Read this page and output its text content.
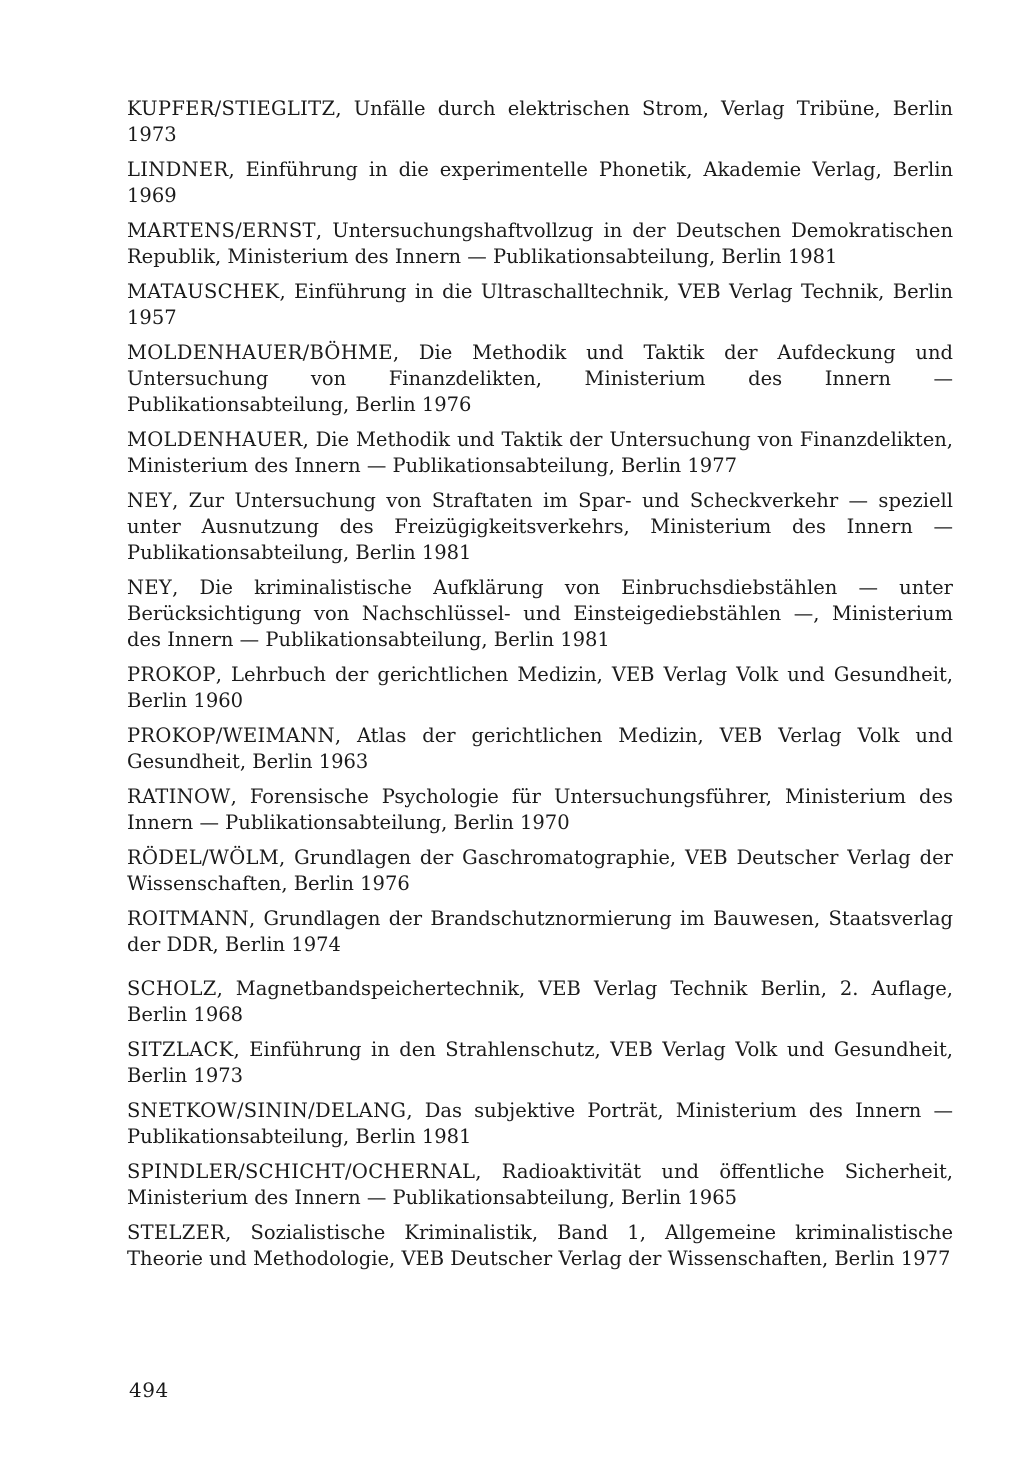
KUPFER/STIEGLITZ, Unfälle durch elektrischen Strom, Verlag Tribüne, Berlin 1973

LINDNER, Einführung in die experimentelle Phonetik, Akademie Verlag, Berlin 1969

MARTENS/ERNST, Untersuchungshaftvollzug in der Deutschen Demokratischen Republik, Ministerium des Innern — Publikationsabteilung, Berlin 1981

MATAUSCHEK, Einführung in die Ultraschalltechnik, VEB Verlag Technik, Berlin 1957

MOLDENHAUER/BÖHME, Die Methodik und Taktik der Aufdeckung und Untersuchung von Finanzdelikten, Ministerium des Innern — Publikationsabteilung, Berlin 1976

MOLDENHAUER, Die Methodik und Taktik der Untersuchung von Finanzdelikten, Ministerium des Innern — Publikationsabteilung, Berlin 1977

NEY, Zur Untersuchung von Straftaten im Spar- und Scheckverkehr — speziell unter Ausnutzung des Freizügigkeitsverkehrs, Ministerium des Innern — Publikationsabteilung, Berlin 1981

NEY, Die kriminalistische Aufklärung von Einbruchsdiebstählen — unter Berücksichtigung von Nachschlüssel- und Einsteigediebstählen —, Ministerium des Innern — Publikationsabteilung, Berlin 1981

PROKOP, Lehrbuch der gerichtlichen Medizin, VEB Verlag Volk und Gesundheit, Berlin 1960

PROKOP/WEIMANN, Atlas der gerichtlichen Medizin, VEB Verlag Volk und Gesundheit, Berlin 1963

RATINOW, Forensische Psychologie für Untersuchungsführer, Ministerium des Innern — Publikationsabteilung, Berlin 1970

RÖDEL/WÖLM, Grundlagen der Gaschromatographie, VEB Deutscher Verlag der Wissenschaften, Berlin 1976

ROITMANN, Grundlagen der Brandschutznormierung im Bauwesen, Staatsverlag der DDR, Berlin 1974

SCHOLZ, Magnetbandspeichertechnik, VEB Verlag Technik Berlin, 2. Auflage, Berlin 1968

SITZLACK, Einführung in den Strahlenschutz, VEB Verlag Volk und Gesundheit, Berlin 1973

SNETKOW/SININ/DELANG, Das subjektive Porträt, Ministerium des Innern — Publikationsabteilung, Berlin 1981

SPINDLER/SCHICHT/OCHERNAL, Radioaktivität und öffentliche Sicherheit, Ministerium des Innern — Publikationsabteilung, Berlin 1965

STELZER, Sozialistische Kriminalistik, Band 1, Allgemeine kriminalistische Theorie und Methodologie, VEB Deutscher Verlag der Wissenschaften, Berlin 1977

494
